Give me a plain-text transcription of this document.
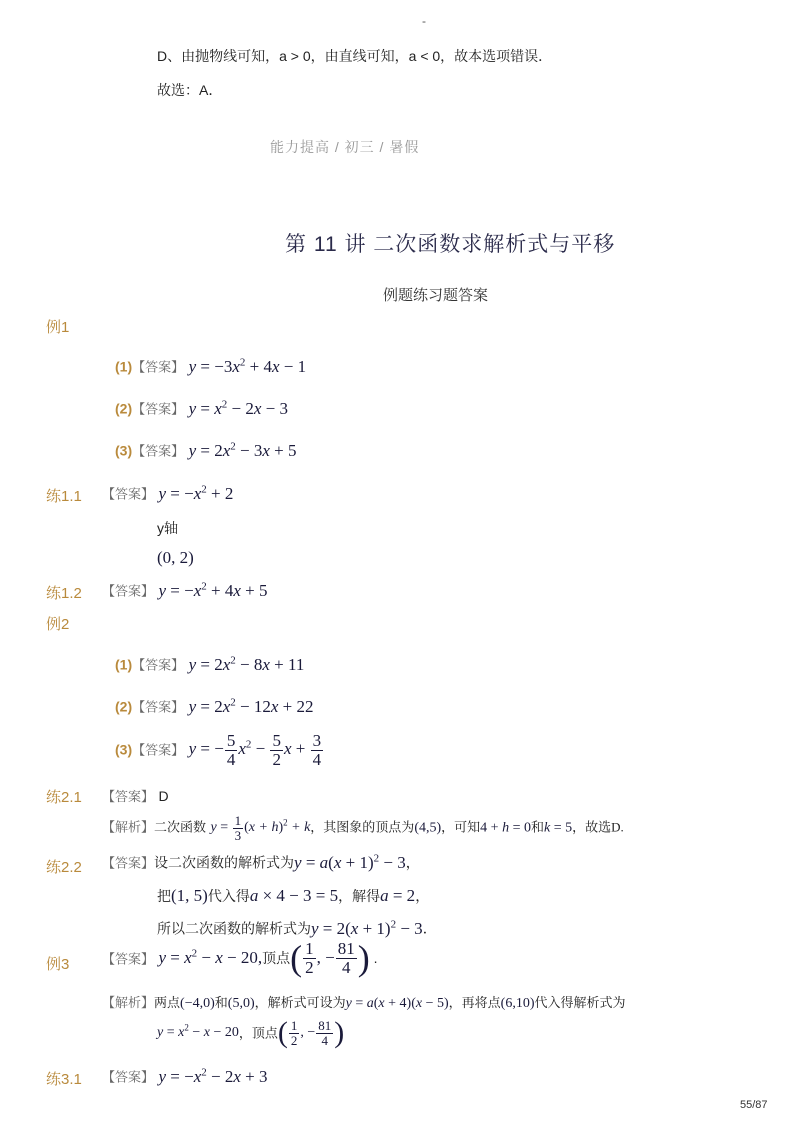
-
D、由抛物线可知，a > 0，由直线可知，a < 0，故本选项错误．
故选：A．
能力提高 / 初三 / 暑假
第 11 讲 二次函数求解析式与平移
例题练习题答案
例1
(1)【答案】 $y = -3x^2 + 4x - 1$
(2)【答案】 $y = x^2 - 2x - 3$
(3)【答案】 $y = 2x^2 - 3x + 5$
练1.1 【答案】 $y = -x^2 + 2$
y轴
(0, 2)
练1.2 【答案】 $y = -x^2 + 4x + 5$
例2
(1)【答案】 $y = 2x^2 - 8x + 11$
(2)【答案】 $y = 2x^2 - 12x + 22$
(3)【答案】 y = − $\frac{5}{4} x^2 - \frac{5}{2}$ $x + \frac{3}{4}$
练2.1 【答案】 D
【解析】二次函数 $y = \frac{1}{3} (x + h)^2 + k$，其图象的顶点为(4,5)，可知4 + h = 0和k = 5，故选D.
练2.2 【答案】设二次函数的解析式为$y = a(x + 1)^2 - 3$，
把(1, 5)代入得a × 4 − 3 = 5，解得a = 2，
所以二次函数的解析式为$y = 2(x + 1)^2 - 3$．
例3	【答案】 $y = x^2 - x - 20$,顶点( $\frac{1}{2}$ , − $\frac{81}{4}$ ) .
【解析】两点(−4,0)和(5,0)，解析式可设为y = a(x + 4)(x − 5)，再将点(6,10)代入得解析式为
$y = x^2 - x - 20$，顶点( $\frac{1}{2}$ , − $\frac{81}{4}$ )
练3.1 【答案】 $y = -x^2 - 2x + 3$
55/87
